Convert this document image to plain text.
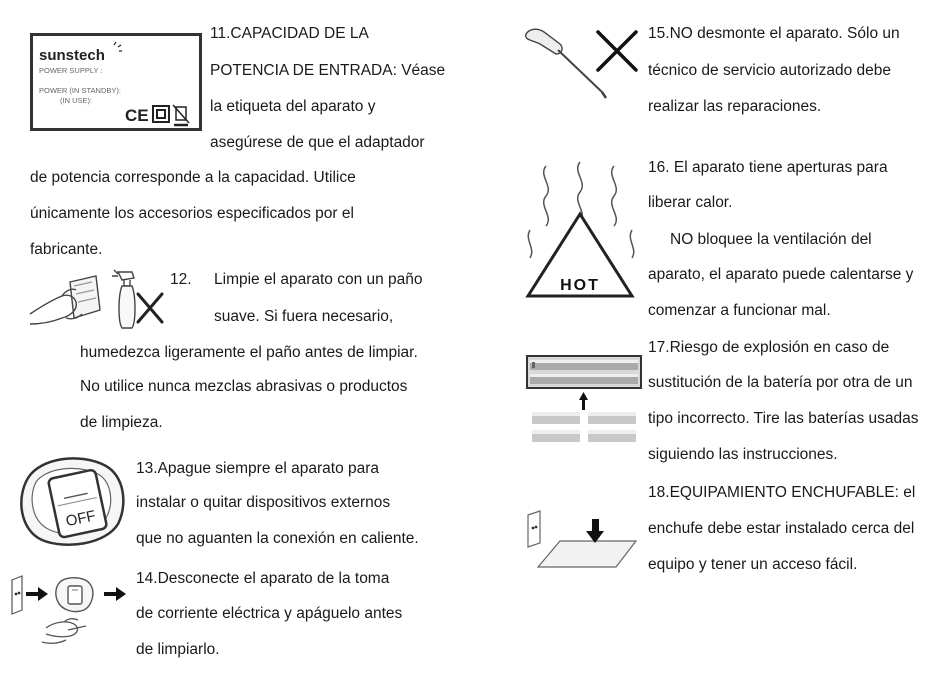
sunstech
POWER SUPPLY :
POWER (IN STANDBY):
(IN USE):
CE
11.CAPACIDAD DE LA
POTENCIA DE ENTRADA: Véase
la etiqueta del aparato y
asegúrese de que el adaptador
de potencia corresponde a la capacidad. Utilice
únicamente los accesorios especificados por el
fabricante.
12. Limpie el aparato con un paño
suave. Si fuera necesario,
humedezca ligeramente el paño antes de limpiar.
No utilice nunca mezclas abrasivas o productos
de limpieza.
OFF
13.Apague siempre el aparato para
instalar o quitar dispositivos externos
que no aguanten la conexión en caliente.
14.Desconecte el aparato de la toma
de corriente eléctrica y apáguelo antes
de limpiarlo.
15.NO desmonte el aparato. Sólo un
técnico de servicio autorizado debe
realizar las reparaciones.
HOT
16. El aparato tiene aperturas para
liberar calor.
NO bloquee la ventilación del
aparato, el aparato puede calentarse y
comenzar a funcionar mal.
17.Riesgo de explosión en caso de
sustitución de la batería por otra de un
tipo incorrecto. Tire las baterías usadas
siguiendo las instrucciones.
18.EQUIPAMIENTO ENCHUFABLE: el
enchufe debe estar instalado cerca del
equipo y tener un acceso fácil.
